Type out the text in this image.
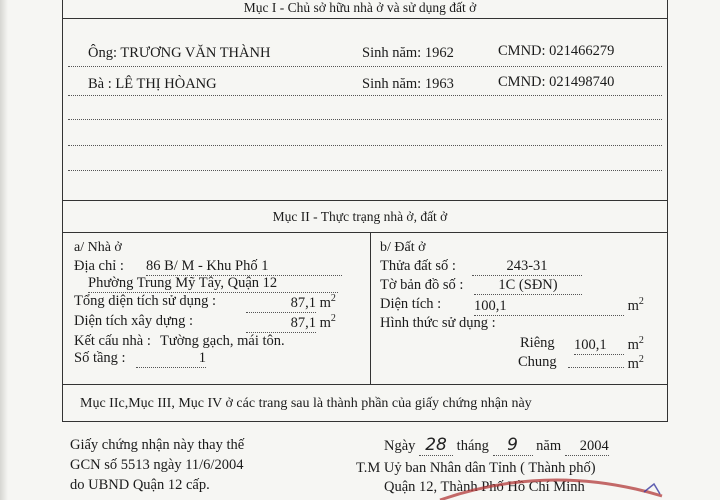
Mục I - Chủ sở hữu nhà ở và sử dụng đất ở
Ông: TRƯƠNG VĂN THÀNH	Sinh năm: 1962	CMND: 021466279
Bà : LÊ THỊ HÒANG	Sinh năm: 1963	CMND: 021498740
Mục II - Thực trạng nhà ở, đất ở
a/ Nhà ở
Địa chỉ : 86 B/ M - Khu Phố 1
Phường Trung Mỹ Tây, Quận 12
Tổng diện tích sử dụng :	87,1 $m^2$
Diện tích xây dựng :	87,1 $m^2$
Kết cấu nhà : Tường gạch, mái tôn.
Số tầng :	1
b/ Đất ở
Thửa đất số :	243-31
Tờ bản đồ số :	1C (SĐN)
Diện tích : 100,1	$m^2$
Hình thức sử dụng :
Riêng 100,1 $m^2$
Chung	$m^2$
Mục IIc,Mục III, Mục IV ở các trang sau là thành phần của giấy chứng nhận này
Giấy chứng nhận này thay thế
GCN số 5513 ngày 11/6/2004
do UBND Quận 12 cấp.
Ngày 28 tháng 9 năm 2004
T.M Uỷ ban Nhân dân Tỉnh ( Thành phố)
Quận 12, Thành Phố Hồ Chí Minh
